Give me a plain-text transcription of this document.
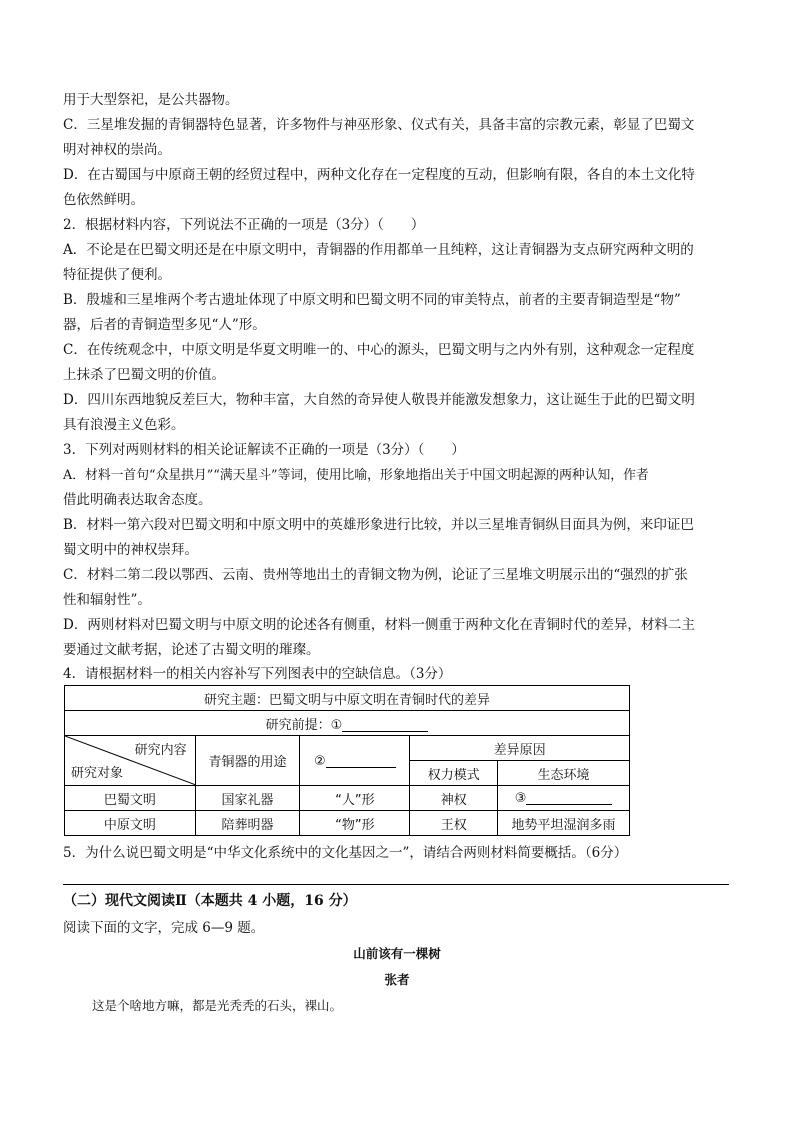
用于大型祭祀，是公共器物。
C．三星堆发掘的青铜器特色显著，许多物件与神巫形象、仪式有关，具备丰富的宗教元素，彰显了巴蜀文
明对神权的崇尚。
D．在古蜀国与中原商王朝的经贸过程中，两种文化存在一定程度的互动，但影响有限，各自的本土文化特
色依然鲜明。
2．根据材料内容，下列说法不正确的一项是（3分）（　　）
A．不论是在巴蜀文明还是在中原文明中，青铜器的作用都单一且纯粹，这让青铜器为支点研究两种文明的
特征提供了便利。
B．殷墟和三星堆两个考古遗址体现了中原文明和巴蜀文明不同的审美特点，前者的主要青铜造型是“物”
器，后者的青铜造型多见“人”形。
C．在传统观念中，中原文明是华夏文明唯一的、中心的源头，巴蜀文明与之内外有别，这种观念一定程度
上抹杀了巴蜀文明的价值。
D．四川东西地貌反差巨大，物种丰富，大自然的奇异使人敬畏并能激发想象力，这让诞生于此的巴蜀文明
具有浪漫主义色彩。
3．下列对两则材料的相关论证解读不正确的一项是（3分）（　　）
A．材料一首句“众星拱月”“满天星斗”等词，使用比喻，形象地指出关于中国文明起源的两种认知，作者
借此明确表达取舍态度。
B．材料一第六段对巴蜀文明和中原文明中的英雄形象进行比较，并以三星堆青铜纵目面具为例，来印证巴
蜀文明中的神权崇拜。
C．材料二第二段以鄂西、云南、贵州等地出土的青铜文物为例，论证了三星堆文明展示出的“强烈的扩张
性和辐射性”。
D．两则材料对巴蜀文明与中原文明的论述各有侧重，材料一侧重于两种文化在青铜时代的差异，材料二主
要通过文献考据，论述了古蜀文明的璀璨。
4．请根据材料一的相关内容补写下列图表中的空缺信息。（3分）
研究主题：巴蜀文明与中原文明在青铜时代的差异				
研究前提：①				

研究内容
研究对象	青铜器的用途	②	差异原因	
			权力模式	生态环境
巴蜀文明	国家礼器	“人”形	神权	③
中原文明	陪葬明器	“物”形	王权	地势平坦湿润多雨
5．为什么说巴蜀文明是“中华文化系统中的文化基因之一”，请结合两则材料简要概括。（6分）
（二）现代文阅读Ⅱ（本题共 4 小题，16 分）
阅读下面的文字，完成 6—9 题。
山前该有一棵树
张者
这是个啥地方嘛，都是光秃秃的石头，裸山。
